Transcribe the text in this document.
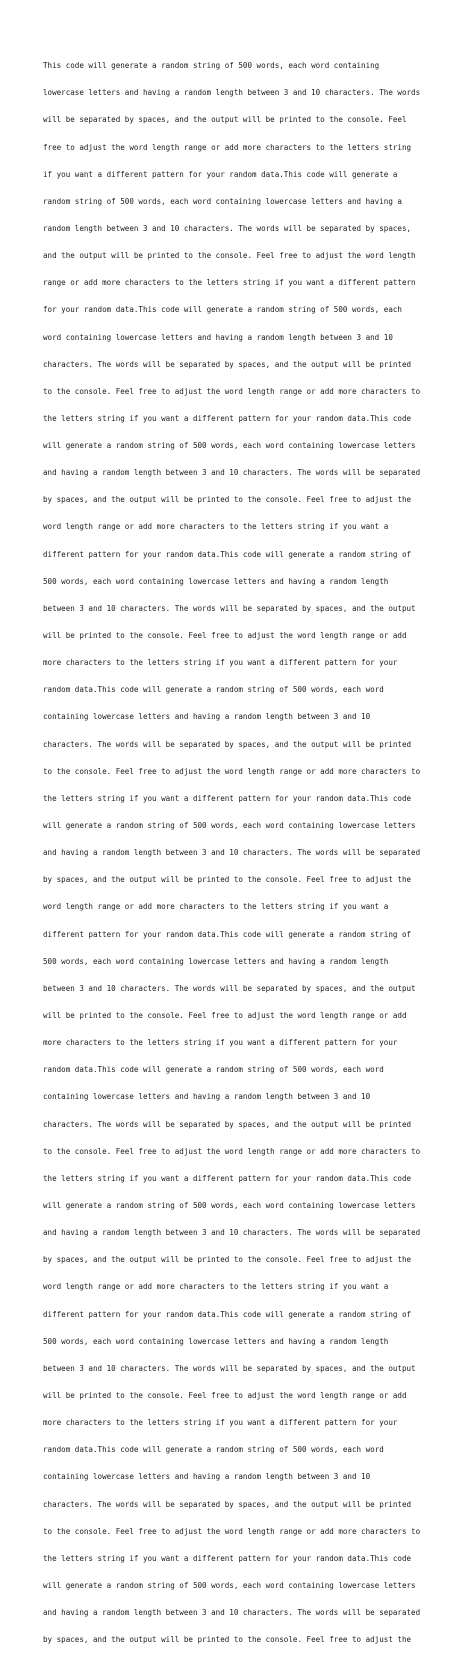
This code will generate a random string of 500 words, each word containing

lowercase letters and having a random length between 3 and 10 characters. The words

will be separated by spaces, and the output will be printed to the console. Feel

free to adjust the word length range or add more characters to the letters string

if you want a different pattern for your random data.This code will generate a

random string of 500 words, each word containing lowercase letters and having a

random length between 3 and 10 characters. The words will be separated by spaces,

and the output will be printed to the console. Feel free to adjust the word length

range or add more characters to the letters string if you want a different pattern

for your random data.This code will generate a random string of 500 words, each

word containing lowercase letters and having a random length between 3 and 10

characters. The words will be separated by spaces, and the output will be printed

to the console. Feel free to adjust the word length range or add more characters to

the letters string if you want a different pattern for your random data.This code

will generate a random string of 500 words, each word containing lowercase letters

and having a random length between 3 and 10 characters. The words will be separated

by spaces, and the output will be printed to the console. Feel free to adjust the

word length range or add more characters to the letters string if you want a

different pattern for your random data.This code will generate a random string of

500 words, each word containing lowercase letters and having a random length

between 3 and 10 characters. The words will be separated by spaces, and the output

will be printed to the console. Feel free to adjust the word length range or add

more characters to the letters string if you want a different pattern for your

random data.This code will generate a random string of 500 words, each word

containing lowercase letters and having a random length between 3 and 10

characters. The words will be separated by spaces, and the output will be printed

to the console. Feel free to adjust the word length range or add more characters to

the letters string if you want a different pattern for your random data.This code

will generate a random string of 500 words, each word containing lowercase letters

and having a random length between 3 and 10 characters. The words will be separated

by spaces, and the output will be printed to the console. Feel free to adjust the

word length range or add more characters to the letters string if you want a

different pattern for your random data.This code will generate a random string of

500 words, each word containing lowercase letters and having a random length

between 3 and 10 characters. The words will be separated by spaces, and the output

will be printed to the console. Feel free to adjust the word length range or add

more characters to the letters string if you want a different pattern for your

random data.This code will generate a random string of 500 words, each word

containing lowercase letters and having a random length between 3 and 10

characters. The words will be separated by spaces, and the output will be printed

to the console. Feel free to adjust the word length range or add more characters to

the letters string if you want a different pattern for your random data.This code

will generate a random string of 500 words, each word containing lowercase letters

and having a random length between 3 and 10 characters. The words will be separated

by spaces, and the output will be printed to the console. Feel free to adjust the

word length range or add more characters to the letters string if you want a

different pattern for your random data.This code will generate a random string of

500 words, each word containing lowercase letters and having a random length

between 3 and 10 characters. The words will be separated by spaces, and the output

will be printed to the console. Feel free to adjust the word length range or add

more characters to the letters string if you want a different pattern for your

random data.This code will generate a random string of 500 words, each word

containing lowercase letters and having a random length between 3 and 10

characters. The words will be separated by spaces, and the output will be printed

to the console. Feel free to adjust the word length range or add more characters to

the letters string if you want a different pattern for your random data.This code

will generate a random string of 500 words, each word containing lowercase letters

and having a random length between 3 and 10 characters. The words will be separated

by spaces, and the output will be printed to the console. Feel free to adjust the
